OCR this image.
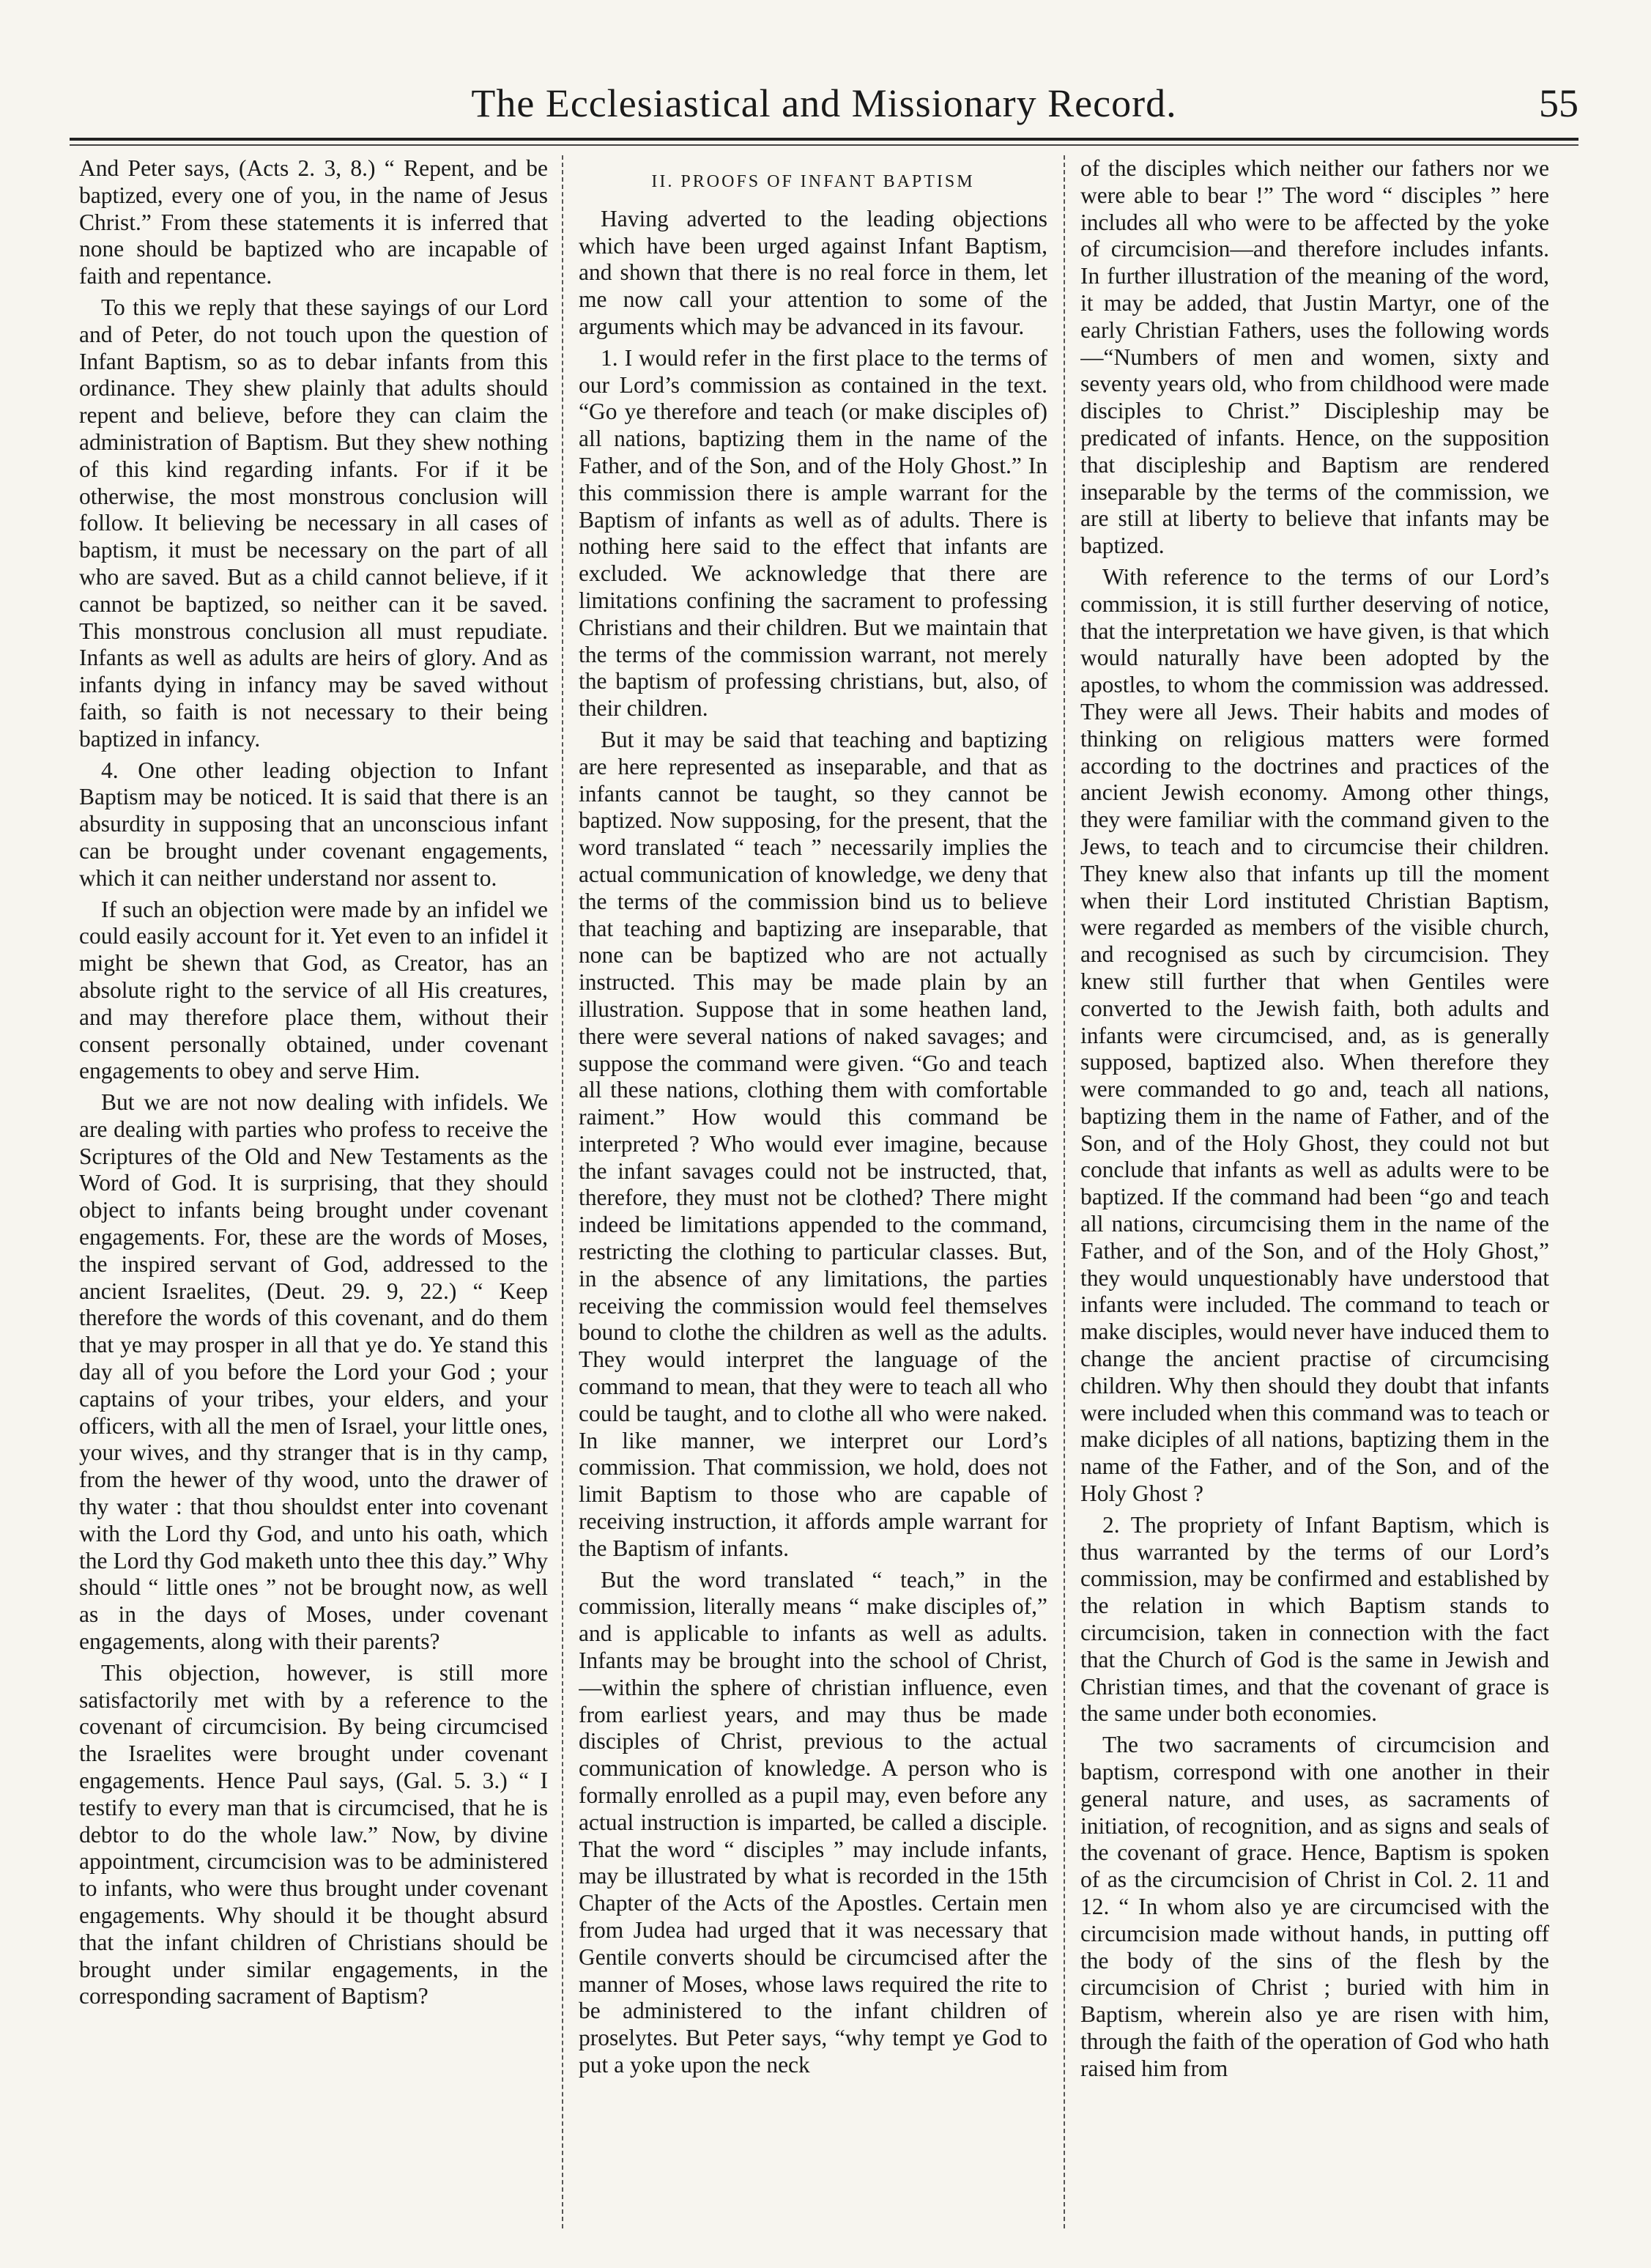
The Ecclesiastical and Missionary Record.	55

And Peter says, (Acts 2. 3, 8.) “ Repent, and be baptized, every one of you, in the name of Jesus Christ.” From these statements it is inferred that none should be baptized who are incapable of faith and repentance.

To this we reply that these sayings of our Lord and of Peter, do not touch upon the question of Infant Baptism, so as to debar infants from this ordinance. They shew plainly that adults should repent and believe, before they can claim the administration of Baptism. But they shew nothing of this kind regarding infants. For if it be otherwise, the most monstrous conclusion will follow. It believing be necessary in all cases of baptism, it must be necessary on the part of all who are saved. But as a child cannot believe, if it cannot be baptized, so neither can it be saved. This monstrous conclusion all must repudiate. Infants as well as adults are heirs of glory. And as infants dying in infancy may be saved without faith, so faith is not necessary to their being baptized in infancy.

4. One other leading objection to Infant Baptism may be noticed. It is said that there is an absurdity in supposing that an unconscious infant can be brought under covenant engagements, which it can neither understand nor assent to.

If such an objection were made by an infidel we could easily account for it. Yet even to an infidel it might be shewn that God, as Creator, has an absolute right to the service of all His creatures, and may therefore place them, without their consent personally obtained, under covenant engagements to obey and serve Him.

But we are not now dealing with infidels. We are dealing with parties who profess to receive the Scriptures of the Old and New Testaments as the Word of God. It is surprising, that they should object to infants being brought under covenant engagements. For, these are the words of Moses, the inspired servant of God, addressed to the ancient Israelites, (Deut. 29. 9, 22.) “ Keep therefore the words of this covenant, and do them that ye may prosper in all that ye do. Ye stand this day all of you before the Lord your God ; your captains of your tribes, your elders, and your officers, with all the men of Israel, your little ones, your wives, and thy stranger that is in thy camp, from the hewer of thy wood, unto the drawer of thy water : that thou shouldst enter into covenant with the Lord thy God, and unto his oath, which the Lord thy God maketh unto thee this day.” Why should “ little ones ” not be brought now, as well as in the days of Moses, under covenant engagements, along with their parents?

This objection, however, is still more satisfactorily met with by a reference to the covenant of circumcision. By being circumcised the Israelites were brought under covenant engagements. Hence Paul says, (Gal. 5. 3.) “ I testify to every man that is circumcised, that he is debtor to do the whole law.” Now, by divine appointment, circumcision was to be administered to infants, who were thus brought under covenant engagements. Why should it be thought absurd that the infant children of Christians should be brought under similar engagements, in the corresponding sacrament of Baptism?

II. PROOFS OF INFANT BAPTISM

Having adverted to the leading objections which have been urged against Infant Baptism, and shown that there is no real force in them, let me now call your attention to some of the arguments which may be advanced in its favour.

1. I would refer in the first place to the terms of our Lord’s commission as contained in the text. “Go ye therefore and teach (or make disciples of) all nations, baptizing them in the name of the Father, and of the Son, and of the Holy Ghost.” In this commission there is ample warrant for the Baptism of infants as well as of adults. There is nothing here said to the effect that infants are excluded. We acknowledge that there are limitations confining the sacrament to professing Christians and their children. But we maintain that the terms of the commission warrant, not merely the baptism of professing christians, but, also, of their children.

But it may be said that teaching and baptizing are here represented as inseparable, and that as infants cannot be taught, so they cannot be baptized. Now supposing, for the present, that the word translated “ teach ” necessarily implies the actual communication of knowledge, we deny that the terms of the commission bind us to believe that teaching and baptizing are inseparable, that none can be baptized who are not actually instructed. This may be made plain by an illustration. Suppose that in some heathen land, there were several nations of naked savages; and suppose the command were given. “Go and teach all these nations, clothing them with comfortable raiment.” How would this command be interpreted ? Who would ever imagine, because the infant savages could not be instructed, that, therefore, they must not be clothed? There might indeed be limitations appended to the command, restricting the clothing to particular classes. But, in the absence of any limitations, the parties receiving the commission would feel themselves bound to clothe the children as well as the adults. They would interpret the language of the command to mean, that they were to teach all who could be taught, and to clothe all who were naked. In like manner, we interpret our Lord’s commission. That commission, we hold, does not limit Baptism to those who are capable of receiving instruction, it affords ample warrant for the Baptism of infants.

But the word translated “ teach,” in the commission, literally means “ make disciples of,” and is applicable to infants as well as adults. Infants may be brought into the school of Christ,—within the sphere of christian influence, even from earliest years, and may thus be made disciples of Christ, previous to the actual communication of knowledge. A person who is formally enrolled as a pupil may, even before any actual instruction is imparted, be called a disciple. That the word “ disciples ” may include infants, may be illustrated by what is recorded in the 15th Chapter of the Acts of the Apostles. Certain men from Judea had urged that it was necessary that Gentile converts should be circumcised after the manner of Moses, whose laws required the rite to be administered to the infant children of proselytes. But Peter says, “why tempt ye God to put a yoke upon the neck

of the disciples which neither our fathers nor we were able to bear !” The word “ disciples ” here includes all who were to be affected by the yoke of circumcision—and therefore includes infants. In further illustration of the meaning of the word, it may be added, that Justin Martyr, one of the early Christian Fathers, uses the following words—“Numbers of men and women, sixty and seventy years old, who from childhood were made disciples to Christ.” Discipleship may be predicated of infants. Hence, on the supposition that discipleship and Baptism are rendered inseparable by the terms of the commission, we are still at liberty to believe that infants may be baptized.

With reference to the terms of our Lord’s commission, it is still further deserving of notice, that the interpretation we have given, is that which would naturally have been adopted by the apostles, to whom the commission was addressed. They were all Jews. Their habits and modes of thinking on religious matters were formed according to the doctrines and practices of the ancient Jewish economy. Among other things, they were familiar with the command given to the Jews, to teach and to circumcise their children. They knew also that infants up till the moment when their Lord instituted Christian Baptism, were regarded as members of the visible church, and recognised as such by circumcision. They knew still further that when Gentiles were converted to the Jewish faith, both adults and infants were circumcised, and, as is generally supposed, baptized also. When therefore they were commanded to go and, teach all nations, baptizing them in the name of Father, and of the Son, and of the Holy Ghost, they could not but conclude that infants as well as adults were to be baptized. If the command had been “go and teach all nations, circumcising them in the name of the Father, and of the Son, and of the Holy Ghost,” they would unquestionably have understood that infants were included. The command to teach or make disciples, would never have induced them to change the ancient practise of circumcising children. Why then should they doubt that infants were included when this command was to teach or make diciples of all nations, baptizing them in the name of the Father, and of the Son, and of the Holy Ghost ?

2. The propriety of Infant Baptism, which is thus warranted by the terms of our Lord’s commission, may be confirmed and established by the relation in which Baptism stands to circumcision, taken in connection with the fact that the Church of God is the same in Jewish and Christian times, and that the covenant of grace is the same under both economies.

The two sacraments of circumcision and baptism, correspond with one another in their general nature, and uses, as sacraments of initiation, of recognition, and as signs and seals of the covenant of grace. Hence, Baptism is spoken of as the circumcision of Christ in Col. 2. 11 and 12. “ In whom also ye are circumcised with the circumcision made without hands, in putting off the body of the sins of the flesh by the circumcision of Christ ; buried with him in Baptism, wherein also ye are risen with him, through the faith of the operation of God who hath raised him from
